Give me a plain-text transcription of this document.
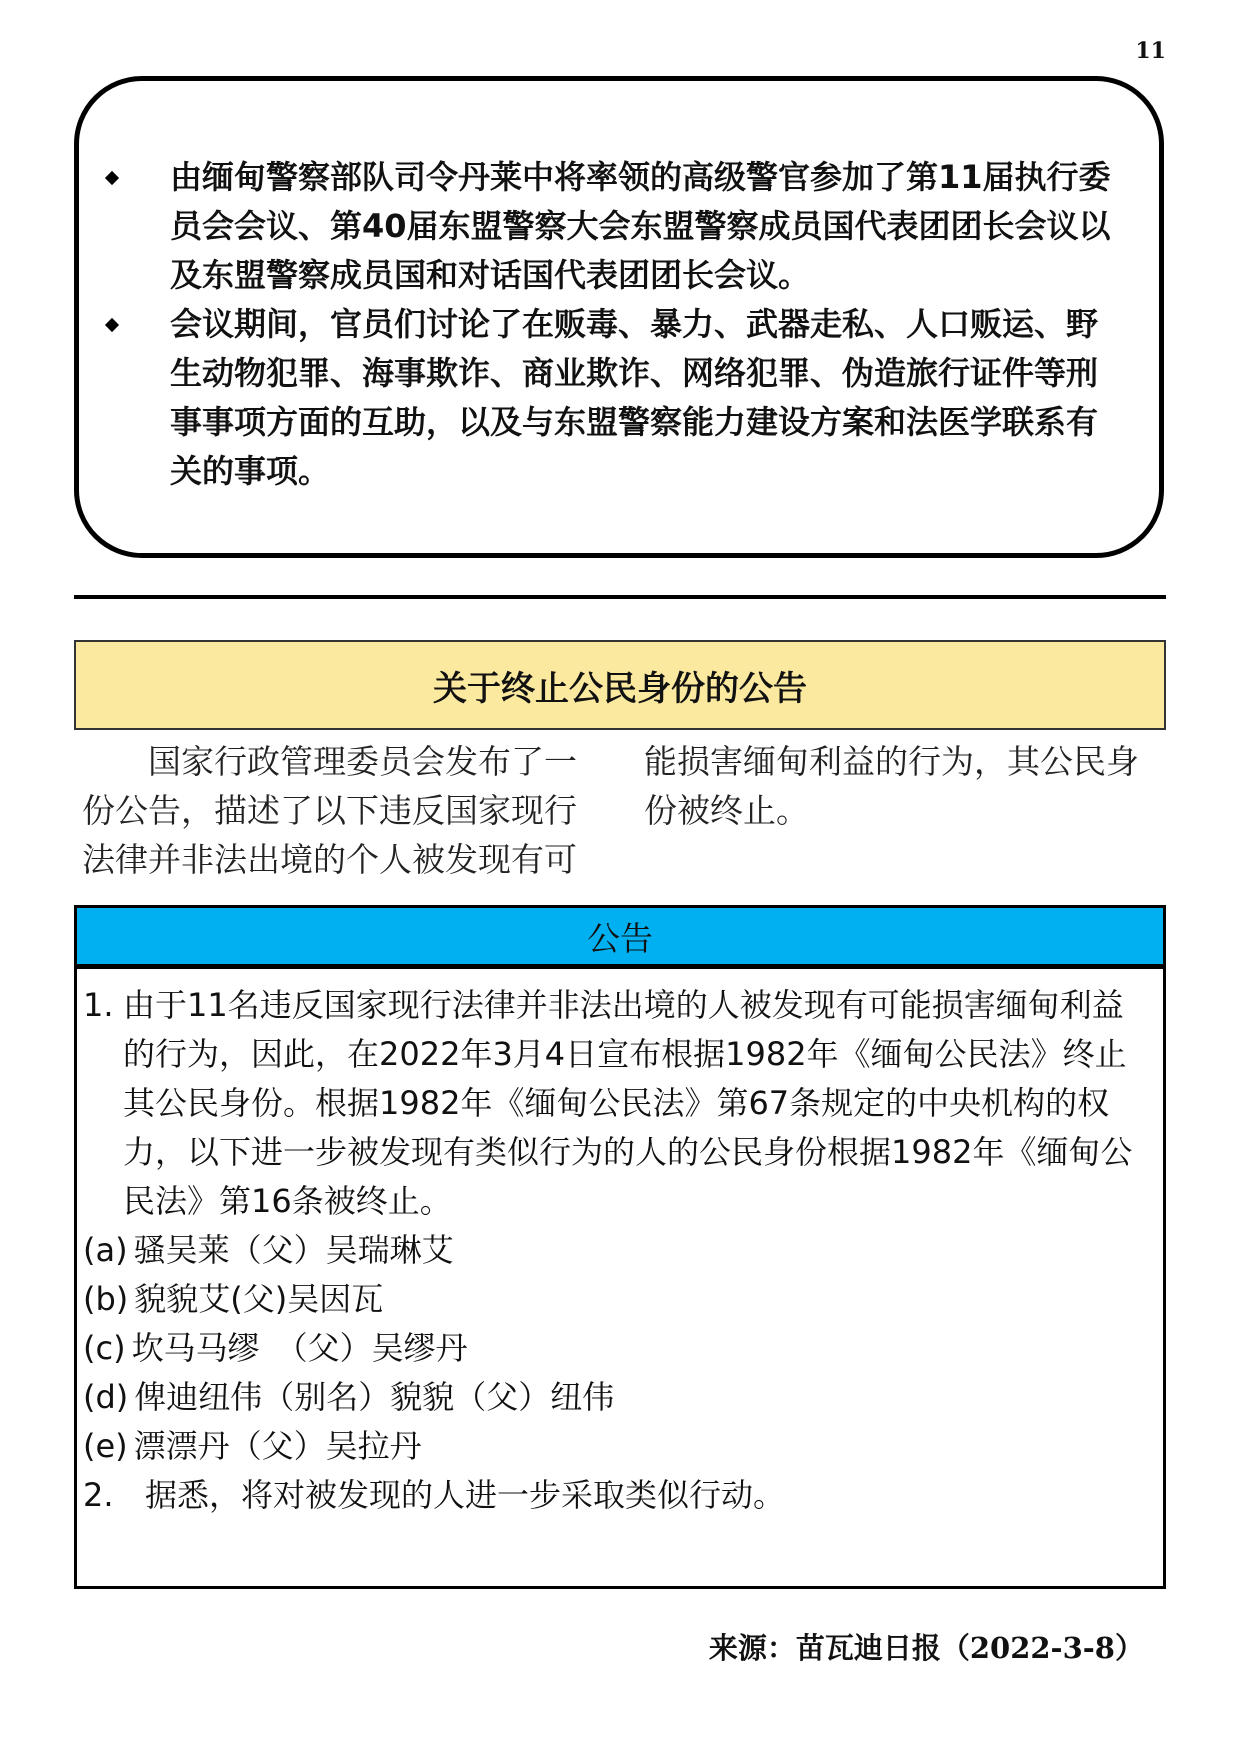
11
由缅甸警察部队司令丹莱中将率领的高级警官参加了第11届执行委员会会议、第40届东盟警察大会东盟警察成员国代表团团长会议以及东盟警察成员国和对话国代表团团长会议。
会议期间，官员们讨论了在贩毒、暴力、武器走私、人口贩运、野生动物犯罪、海事欺诈、商业欺诈、网络犯罪、伪造旅行证件等刑事事项方面的互助，以及与东盟警察能力建设方案和法医学联系有关的事项。
关于终止公民身份的公告

国家行政管理委员会发布了一份公告，描述了以下违反国家现行法律并非法出境的个人被发现有可能损害缅甸利益的行为，其公民身份被终止。

公告
1. 由于11名违反国家现行法律并非法出境的人被发现有可能损害缅甸利益的行为，因此，在2022年3月4日宣布根据1982年《缅甸公民法》终止其公民身份。根据1982年《缅甸公民法》第67条规定的中央机构的权力，以下进一步被发现有类似行为的人的公民身份根据1982年《缅甸公民法》第16条被终止。
(a) 骚吴莱（父）吴瑞琳艾
(b) 貌貌艾(父)吴因瓦
(c) 坎马马缪　（父）吴缪丹
(d) 俾迪纽伟（别名）貌貌（父）纽伟
(e) 漂漂丹（父）吴拉丹
2. 据悉，将对被发现的人进一步采取类似行动。
来源：苗瓦迪日报（2022-3-8）
